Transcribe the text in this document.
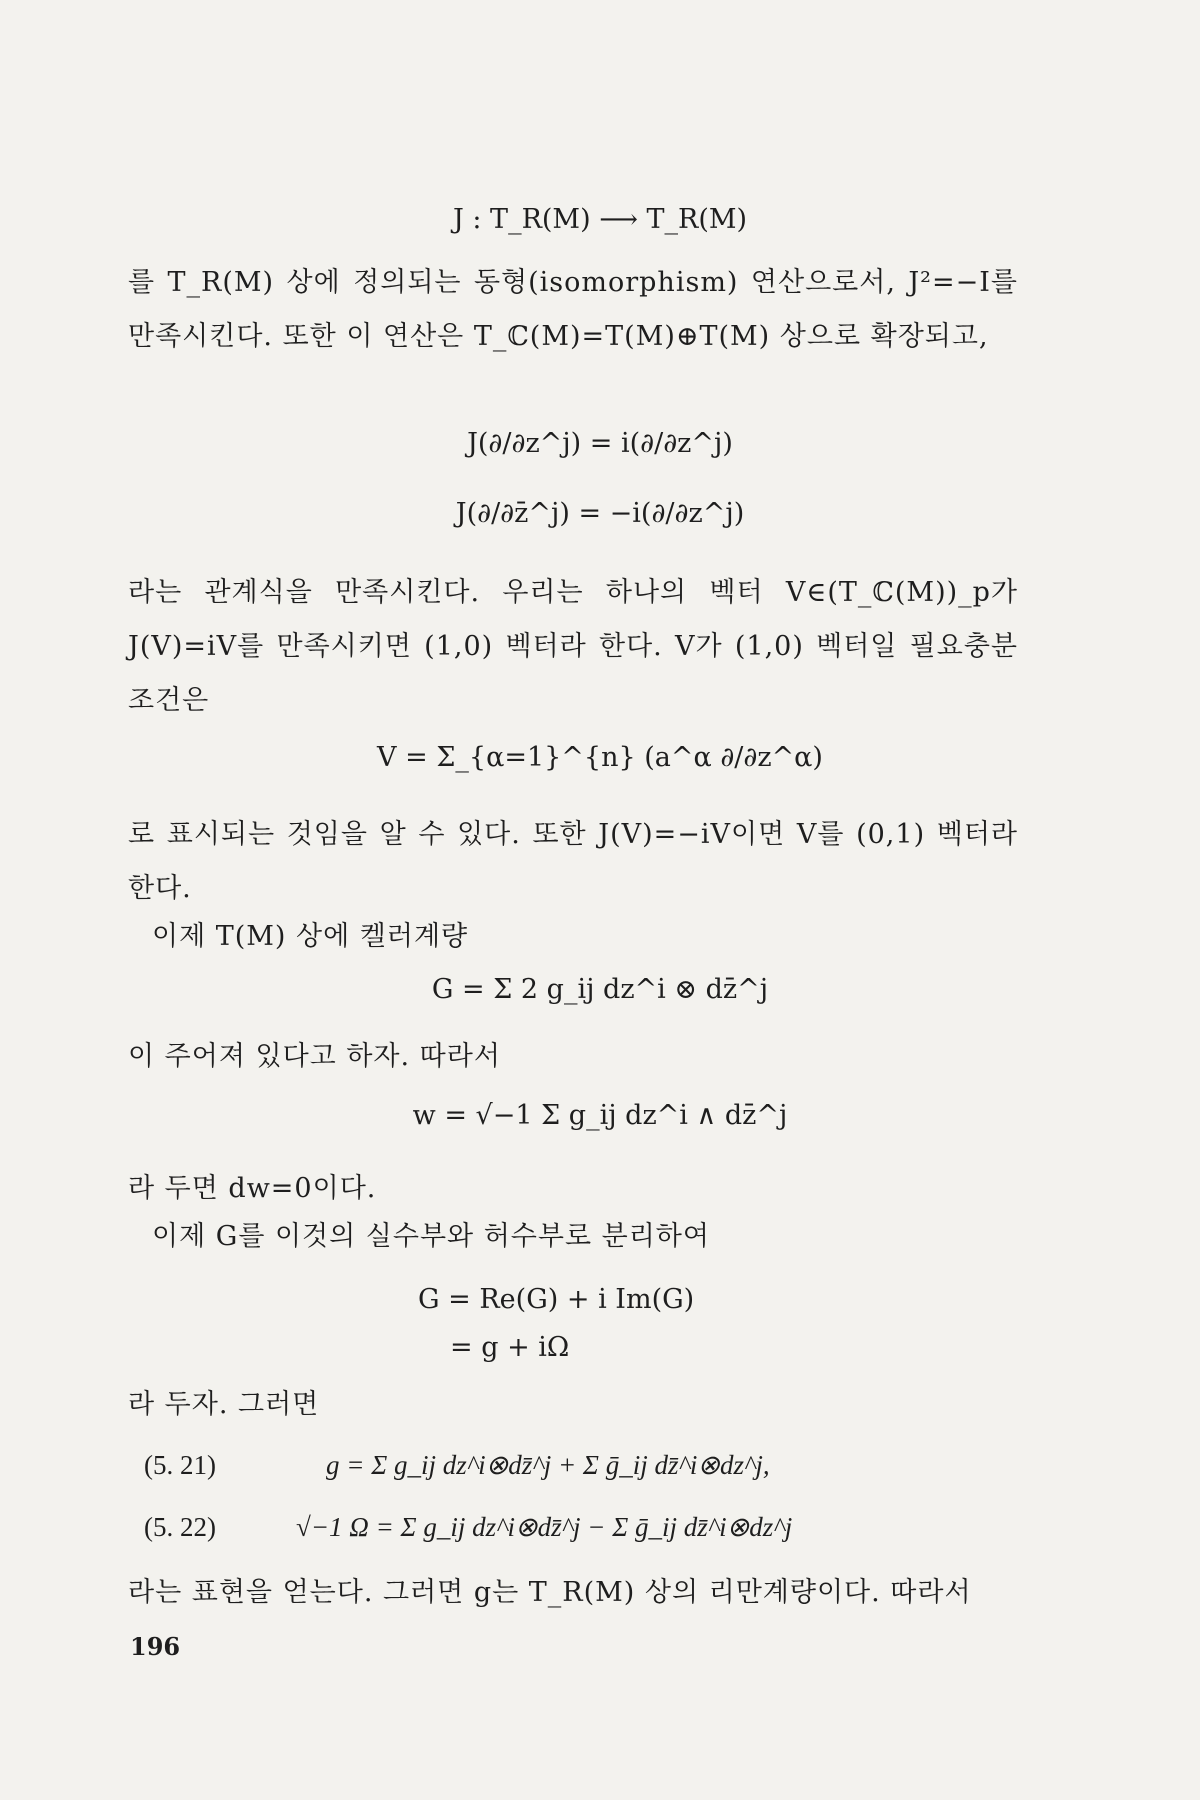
J : T_R(M) ⟶ T_R(M)

를 T_R(M) 상에 정의되는 동형(isomorphism) 연산으로서, J²=−I를 만족시킨다. 또한 이 연산은 T_ℂ(M)=T(M)⊕T(M) 상으로 확장되고,

J(∂/∂z^j) = i(∂/∂z^j)
J(∂/∂z̄^j) = −i(∂/∂z^j)

라는 관계식을 만족시킨다. 우리는 하나의 벡터 V∈(T_ℂ(M))_p가 J(V)=iV를 만족시키면 (1,0) 벡터라 한다. V가 (1,0) 벡터일 필요충분조건은

V = Σ_{α=1}^{n} (a^α ∂/∂z^α)

로 표시되는 것임을 알 수 있다. 또한 J(V)=−iV이면 V를 (0,1) 벡터라 한다.

이제 T(M) 상에 켈러계량

G = Σ 2 g_ij dz^i ⊗ dz̄^j

이 주어져 있다고 하자. 따라서

w = √−1 Σ g_ij dz^i ∧ dz̄^j

라 두면 dw=0이다.

이제 G를 이것의 실수부와 허수부로 분리하여

G = Re(G) + i Im(G)
= g + iΩ

라 두자. 그러면

(5. 21)	g = Σ g_ij dz^i⊗dz̄^j + Σ ḡ_ij dz̄^i⊗dz^j,
(5. 22)	√−1 Ω = Σ g_ij dz^i⊗dz̄^j − Σ ḡ_ij dz̄^i⊗dz^j

라는 표현을 얻는다. 그러면 g는 T_R(M) 상의 리만계량이다. 따라서

196
